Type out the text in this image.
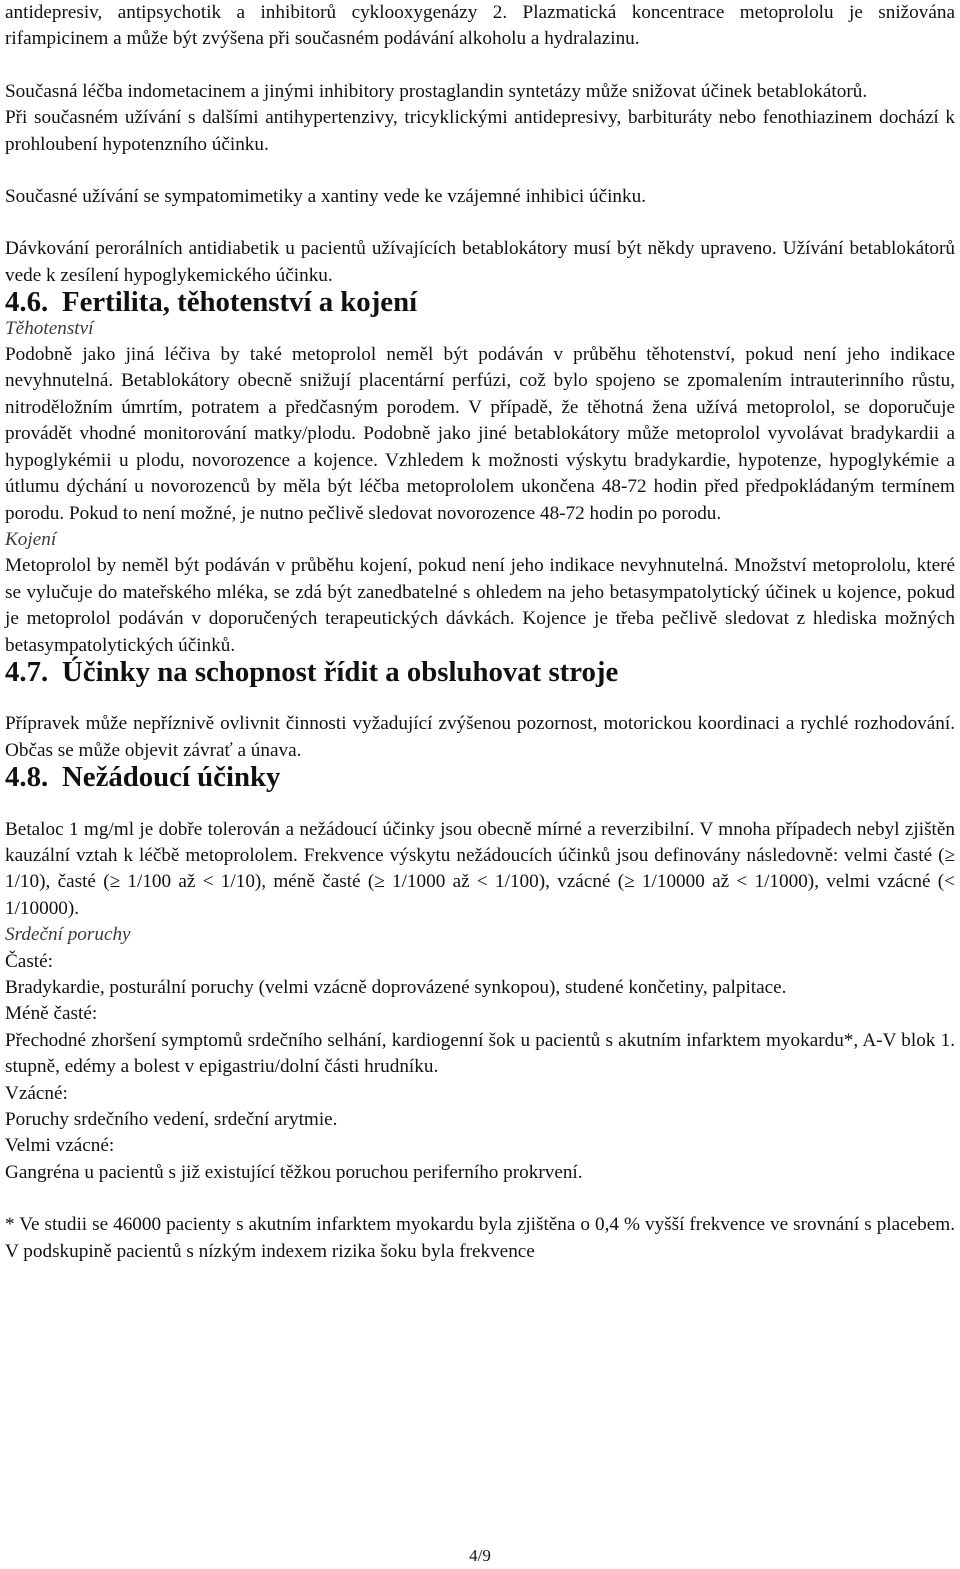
antidepresiv, antipsychotik a inhibitorů cyklooxygenázy 2. Plazmatická koncentrace metoprololu je snižována rifampicinem a může být zvýšena při současném podávání alkoholu a hydralazinu.

Současná léčba indometacinem a jinými inhibitory prostaglandin syntetázy může snižovat účinek betablokátorů.

Při současném užívání s dalšími antihypertenzivy, tricyklickými antidepresivy, barbituráty nebo fenothiazinem dochází k prohloubení hypotenzního účinku.

Současné užívání se sympatomimetiky a xantiny vede ke vzájemné inhibici účinku.

Dávkování perorálních antidiabetik u pacientů užívajících betablokátory musí být někdy upraveno. Užívání betablokátorů vede k zesílení hypoglykemického účinku.

4.6. Fertilita, těhotenství a kojení

Těhotenství

Podobně jako jiná léčiva by také metoprolol neměl být podáván v průběhu těhotenství, pokud není jeho indikace nevyhnutelná. Betablokátory obecně snižují placentární perfúzi, což bylo spojeno se zpomalením intrauterinního růstu, nitroděložním úmrtím, potratem a předčasným porodem. V případě, že těhotná žena užívá metoprolol, se doporučuje provádět vhodné monitorování matky/plodu. Podobně jako jiné betablokátory může metoprolol vyvolávat bradykardii a hypoglykémii u plodu, novorozence a kojence. Vzhledem k možnosti výskytu bradykardie, hypotenze, hypoglykémie a útlumu dýchání u novorozenců by měla být léčba metoprololem ukončena 48-72 hodin před předpokládaným termínem porodu. Pokud to není možné, je nutno pečlivě sledovat novorozence 48-72 hodin po porodu.

Kojení

Metoprolol by neměl být podáván v průběhu kojení, pokud není jeho indikace nevyhnutelná. Množství metoprololu, které se vylučuje do mateřského mléka, se zdá být zanedbatelné s ohledem na jeho betasympatolytický účinek u kojence, pokud je metoprolol podáván v doporučených terapeutických dávkách. Kojence je třeba pečlivě sledovat z hlediska možných betasympatolytických účinků.

4.7. Účinky na schopnost řídit a obsluhovat stroje

Přípravek může nepříznivě ovlivnit činnosti vyžadující zvýšenou pozornost, motorickou koordinaci a rychlé rozhodování. Občas se může objevit závrať a únava.

4.8. Nežádoucí účinky

Betaloc 1 mg/ml je dobře tolerován a nežádoucí účinky jsou obecně mírné a reverzibilní. V mnoha případech nebyl zjištěn kauzální vztah k léčbě metoprololem. Frekvence výskytu nežádoucích účinků jsou definovány následovně: velmi časté (≥ 1/10), časté (≥ 1/100 až < 1/10), méně časté (≥ 1/1000 až < 1/100), vzácné (≥ 1/10000 až < 1/1000), velmi vzácné (< 1/10000).

Srdeční poruchy

Časté:

Bradykardie, posturální poruchy (velmi vzácně doprovázené synkopou), studené končetiny, palpitace.

Méně časté:

Přechodné zhoršení symptomů srdečního selhání, kardiogenní šok u pacientů s akutním infarktem myokardu*, A-V blok 1. stupně, edémy a bolest v epigastriu/dolní části hrudníku.

Vzácné:

Poruchy srdečního vedení, srdeční arytmie.

Velmi vzácné:

Gangréna u pacientů s již existující těžkou poruchou periferního prokrvení.

* Ve studii se 46000 pacienty s akutním infarktem myokardu byla zjištěna o 0,4 % vyšší frekvence ve srovnání s placebem. V podskupině pacientů s nízkým indexem rizika šoku byla frekvence

4/9
